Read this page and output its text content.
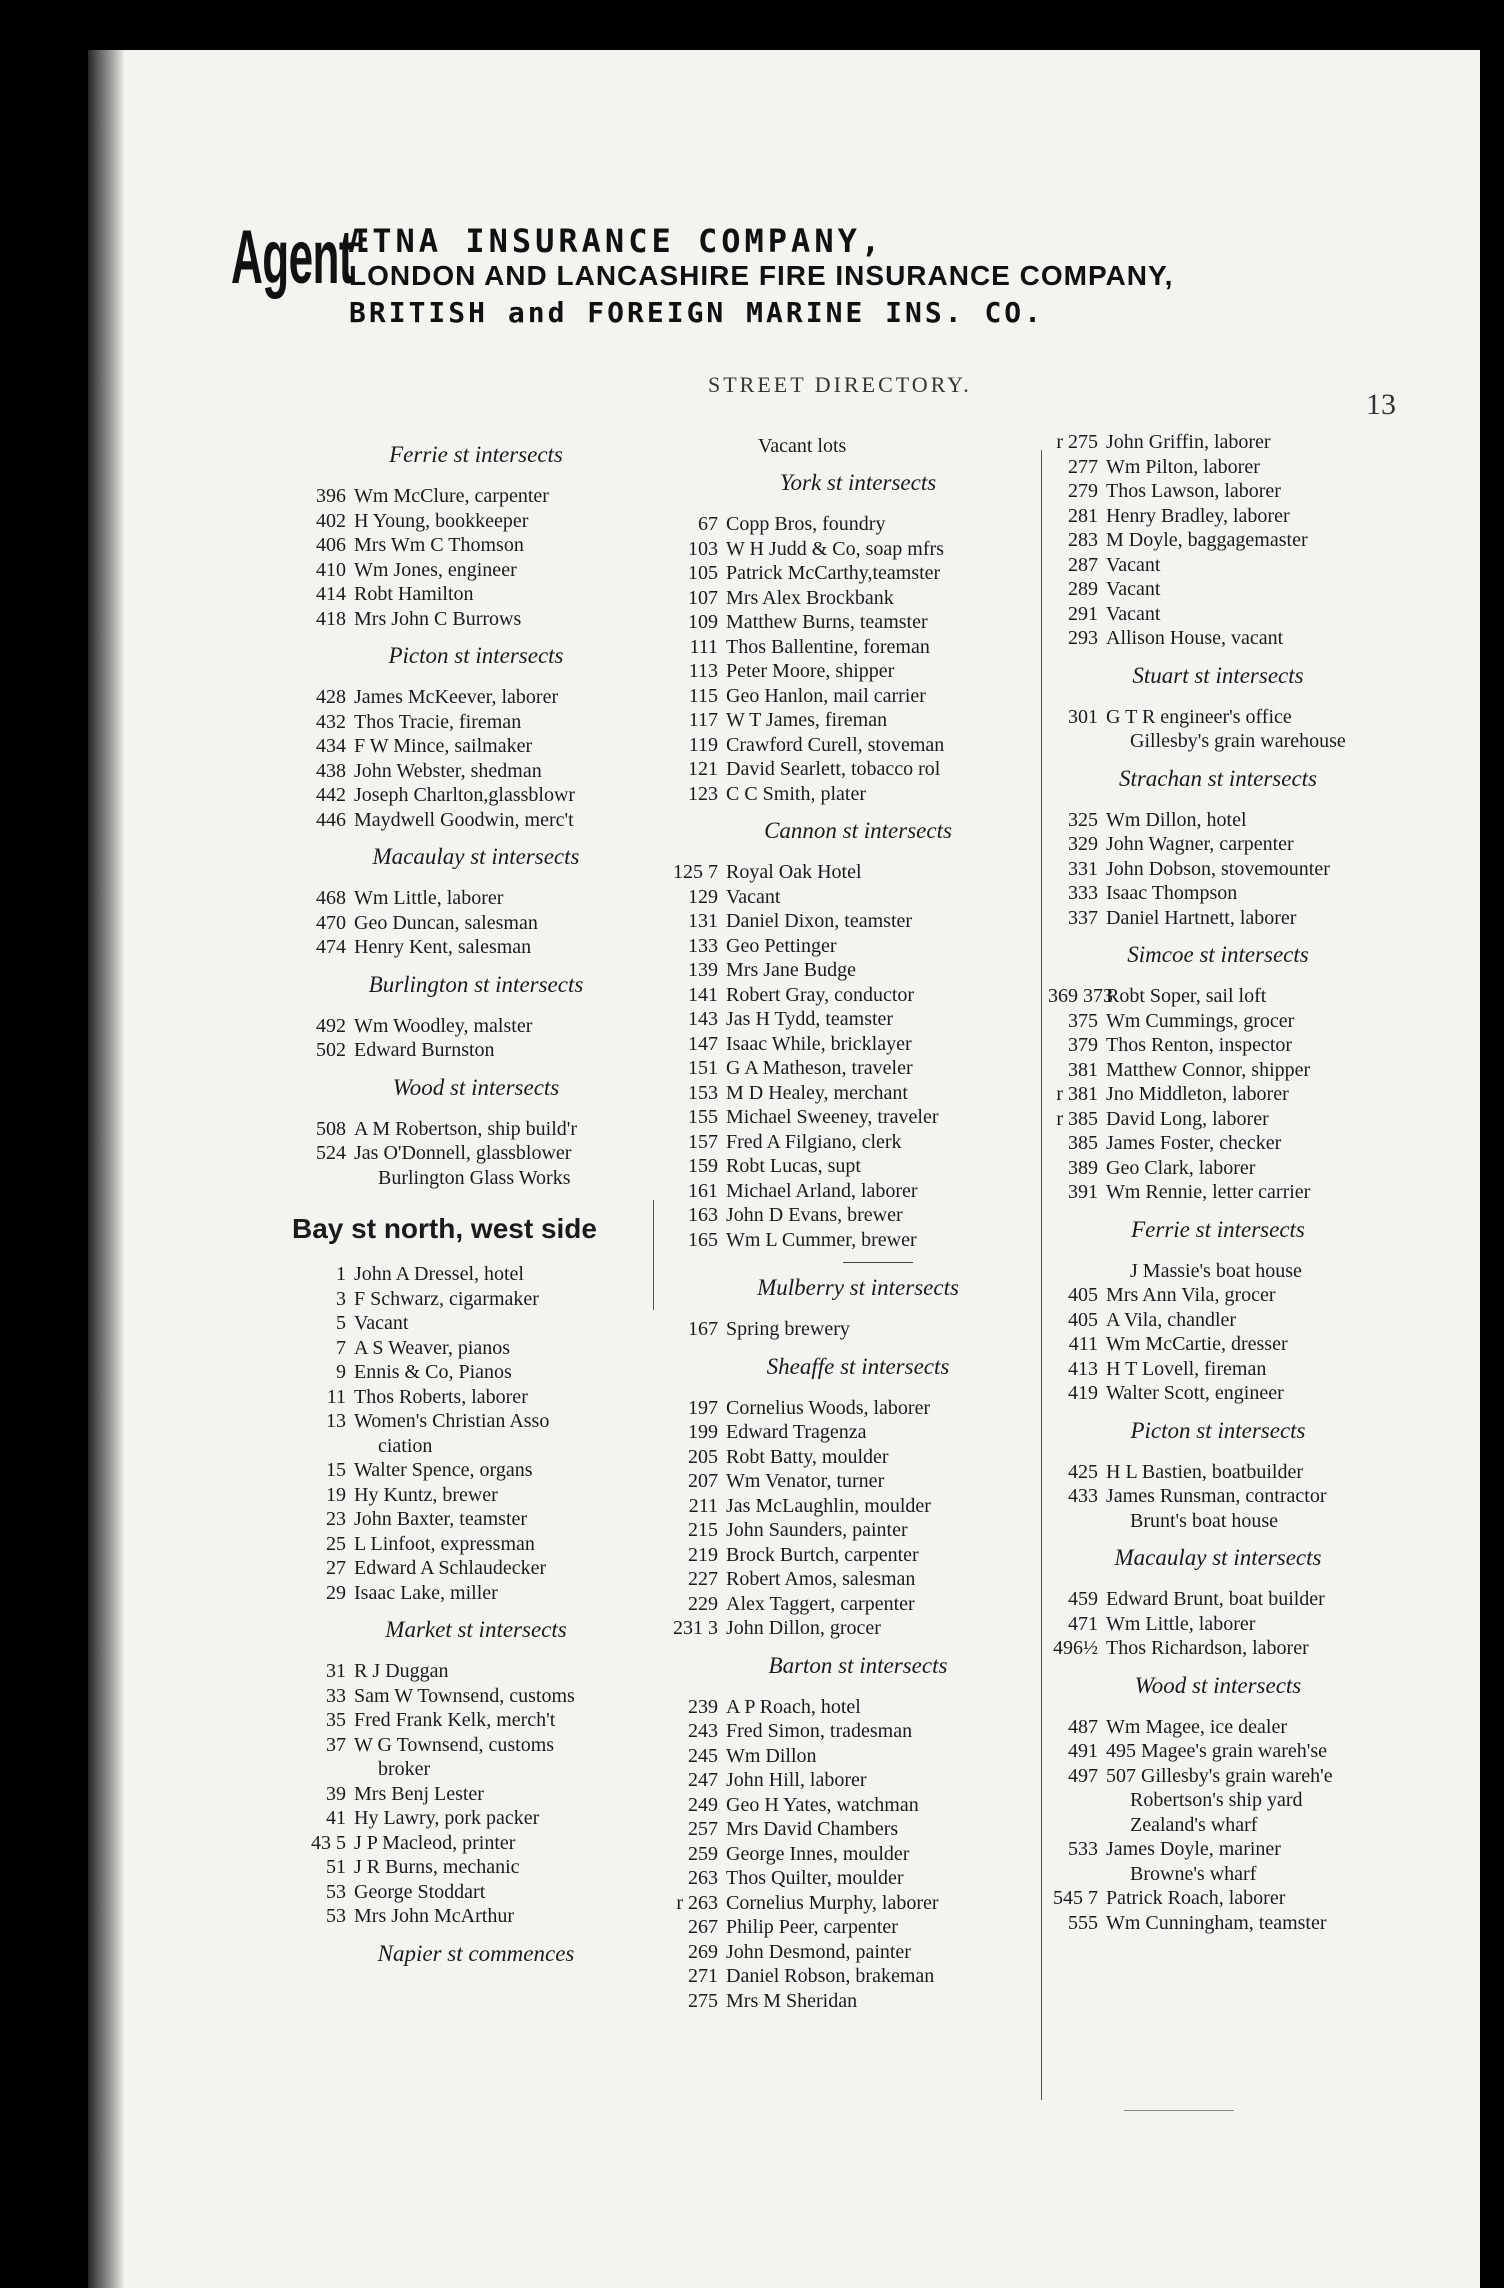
Agent
ÆTNA INSURANCE COMPANY,
LONDON AND LANCASHIRE FIRE INSURANCE COMPANY,
BRITISH and FOREIGN MARINE INS. CO.
STREET DIRECTORY.
13
Ferrie st intersects
396 Wm McClure, carpenter
402 H Young, bookkeeper
406 Mrs Wm C Thomson
410 Wm Jones, engineer
414 Robt Hamilton
418 Mrs John C Burrows
Picton st intersects
428 James McKeever, laborer
432 Thos Tracie, fireman
434 F W Mince, sailmaker
438 John Webster, shedman
442 Joseph Charlton,glassblowr
446 Maydwell Goodwin, merc't
Macaulay st intersects
468 Wm Little, laborer
470 Geo Duncan, salesman
474 Henry Kent, salesman
Burlington st intersects
492 Wm Woodley, malster
502 Edward Burnston
Wood st intersects
508 A M Robertson, ship build'r
524 Jas O'Donnell, glassblower
Burlington Glass Works
Bay st north, west side
1 John A Dressel, hotel
3 F Schwarz, cigarmaker
5 Vacant
7 A S Weaver, pianos
9 Ennis & Co, Pianos
11 Thos Roberts, laborer
13 Women's Christian Asso
ciation
15 Walter Spence, organs
19 Hy Kuntz, brewer
23 John Baxter, teamster
25 L Linfoot, expressman
27 Edward A Schlaudecker
29 Isaac Lake, miller
Market st intersects
31 R J Duggan
33 Sam W Townsend, customs
35 Fred Frank Kelk, merch't
37 W G Townsend, customs
broker
39 Mrs Benj Lester
41 Hy Lawry, pork packer
43 5 J P Macleod, printer
51 J R Burns, mechanic
53 George Stoddart
53 Mrs John McArthur
Napier st commences
Vacant lots
York st intersects
67 Copp Bros, foundry
103 W H Judd & Co, soap mfrs
105 Patrick McCarthy,teamster
107 Mrs Alex Brockbank
109 Matthew Burns, teamster
111 Thos Ballentine, foreman
113 Peter Moore, shipper
115 Geo Hanlon, mail carrier
117 W T James, fireman
119 Crawford Curell, stoveman
121 David Searlett, tobacco rol
123 C C Smith, plater
Cannon st intersects
125 7 Royal Oak Hotel
129 Vacant
131 Daniel Dixon, teamster
133 Geo Pettinger
139 Mrs Jane Budge
141 Robert Gray, conductor
143 Jas H Tydd, teamster
147 Isaac While, bricklayer
151 G A Matheson, traveler
153 M D Healey, merchant
155 Michael Sweeney, traveler
157 Fred A Filgiano, clerk
159 Robt Lucas, supt
161 Michael Arland, laborer
163 John D Evans, brewer
165 Wm L Cummer, brewer
Mulberry st intersects
167 Spring brewery
Sheaffe st intersects
197 Cornelius Woods, laborer
199 Edward Tragenza
205 Robt Batty, moulder
207 Wm Venator, turner
211 Jas McLaughlin, moulder
215 John Saunders, painter
219 Brock Burtch, carpenter
227 Robert Amos, salesman
229 Alex Taggert, carpenter
231 3 John Dillon, grocer
Barton st intersects
239 A P Roach, hotel
243 Fred Simon, tradesman
245 Wm Dillon
247 John Hill, laborer
249 Geo H Yates, watchman
257 Mrs David Chambers
259 George Innes, moulder
263 Thos Quilter, moulder
r 263 Cornelius Murphy, laborer
267 Philip Peer, carpenter
269 John Desmond, painter
271 Daniel Robson, brakeman
275 Mrs M Sheridan
r 275 John Griffin, laborer
277 Wm Pilton, laborer
279 Thos Lawson, laborer
281 Henry Bradley, laborer
283 M Doyle, baggagemaster
287 Vacant
289 Vacant
291 Vacant
293 Allison House, vacant
Stuart st intersects
301 G T R engineer's office
Gillesby's grain warehouse
Strachan st intersects
325 Wm Dillon, hotel
329 John Wagner, carpenter
331 John Dobson, stovemounter
333 Isaac Thompson
337 Daniel Hartnett, laborer
Simcoe st intersects
369 373
Robt Soper, sail loft
375 Wm Cummings, grocer
379 Thos Renton, inspector
381 Matthew Connor, shipper
r 381 Jno Middleton, laborer
r 385 David Long, laborer
385 James Foster, checker
389 Geo Clark, laborer
391 Wm Rennie, letter carrier
Ferrie st intersects
J Massie's boat house
405 Mrs Ann Vila, grocer
405 A Vila, chandler
411 Wm McCartie, dresser
413 H T Lovell, fireman
419 Walter Scott, engineer
Picton st intersects
425 H L Bastien, boatbuilder
433 James Runsman, contractor
Brunt's boat house
Macaulay st intersects
459 Edward Brunt, boat builder
471 Wm Little, laborer
496½ Thos Richardson, laborer
Wood st intersects
487 Wm Magee, ice dealer
491 495 Magee's grain wareh'se
497 507 Gillesby's grain wareh'e
Robertson's ship yard
Zealand's wharf
533 James Doyle, mariner
Browne's wharf
545 7 Patrick Roach, laborer
555 Wm Cunningham, teamster
